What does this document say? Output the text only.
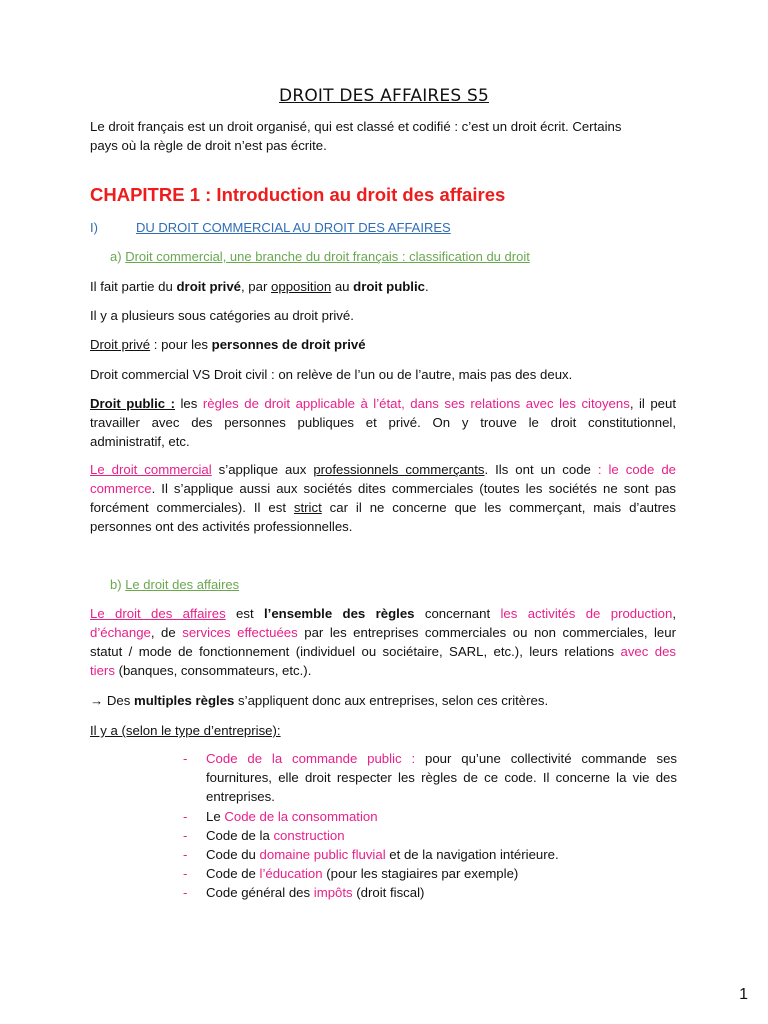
DROIT DES AFFAIRES S5
Le droit français est un droit organisé, qui est classé et codifié : c’est un droit écrit. Certains
pays où la règle de droit n’est pas écrite.
CHAPITRE 1 : Introduction au droit des affaires
I)	DU DROIT COMMERCIAL AU DROIT DES AFFAIRES
a) Droit commercial, une branche du droit français : classification du droit
Il fait partie du droit privé, par opposition au droit public.
Il y a plusieurs sous catégories au droit privé.
Droit privé : pour les personnes de droit privé
Droit commercial VS Droit civil : on relève de l’un ou de l’autre, mais pas des deux.
Droit public : les règles de droit applicable à l’état, dans ses relations avec les citoyens, il peut
travailler avec des personnes publiques et privé. On y trouve le droit constitutionnel,
administratif, etc.
Le droit commercial s’applique aux professionnels commerçants. Ils ont un code : le code de
commerce. Il s’applique aussi aux sociétés dites commerciales (toutes les sociétés ne sont pas
forcément commerciales). Il est strict car il ne concerne que les commerçant, mais d’autres
personnes ont des activités professionnelles.
b) Le droit des affaires
Le droit des affaires est l’ensemble des règles concernant les activités de production,
d’échange, de services effectuées par les entreprises commerciales ou non commerciales, leur
statut / mode de fonctionnement (individuel ou sociétaire, SARL, etc.), leurs relations avec des
tiers (banques, consommateurs, etc.).
→ Des multiples règles s’appliquent donc aux entreprises, selon ces critères.
Il y a (selon le type d’entreprise):
- Code de la commande public : pour qu’une collectivité commande ses
fournitures, elle droit respecter les règles de ce code. Il concerne la vie des
entreprises.
- Le Code de la consommation
- Code de la construction
- Code du domaine public fluvial et de la navigation intérieure.
- Code de l’éducation (pour les stagiaires par exemple)
- Code général des impôts (droit fiscal)
1
